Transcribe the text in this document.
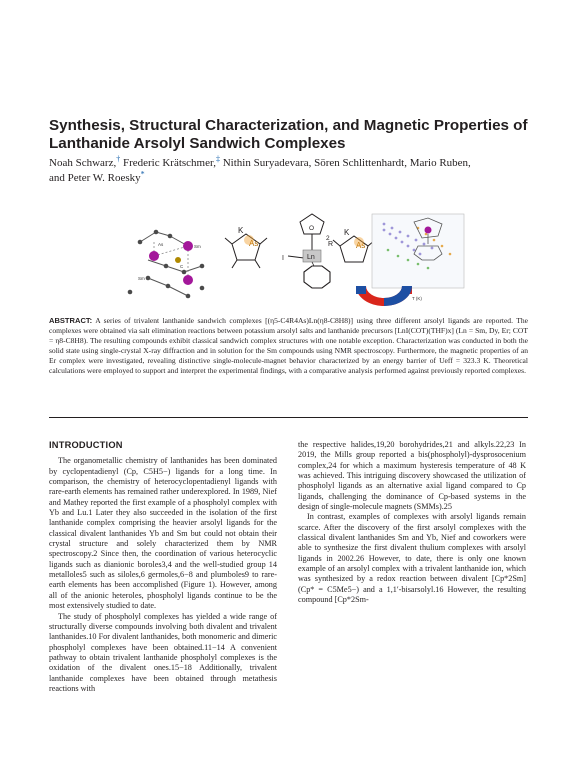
Synthesis, Structural Characterization, and Magnetic Properties of Lanthanide Arsolyl Sandwich Complexes
Noah Schwarz,† Frederic Krätschmer,‡ Nithin Suryadevara, Sören Schlittenhardt, Mario Ruben,
and Peter W. Roesky*
As	Sm
Sm
C
K
As
O
2
I	Ln
K
As
R
T (K)
ABSTRACT: A series of trivalent lanthanide sandwich complexes [(η5-C4R4As)Ln(η8-C8H8)] using three different arsolyl ligands are reported. The complexes were obtained via salt elimination reactions between potassium arsolyl salts and lanthanide precursors [LnI(COT)(THF)x] (Ln = Sm, Dy, Er; COT = η8-C8H8). The resulting compounds exhibit classical sandwich complex structures with one notable exception. Characterization was conducted in both the solid state using single-crystal X-ray diffraction and in solution for the Sm compounds using NMR spectroscopy. Furthermore, the magnetic properties of an Er complex were investigated, revealing distinctive single-molecule-magnet behavior characterized by an energy barrier of Ueff = 323.3 K. Theoretical calculations were employed to support and interpret the experimental findings, with a comparative analysis performed against previously reported complexes.

INTRODUCTION

The organometallic chemistry of lanthanides has been dominated by cyclopentadienyl (Cp, C5H5−) ligands for a long time. In comparison, the chemistry of heterocyclopentadienyl ligands with rare-earth elements has remained rather underexplored. In 1989, Nief and Mathey reported the first example of a phospholyl complex with Yb and Lu.1 Later they also succeeded in the isolation of the first lanthanide complex comprising the heavier arsolyl ligands for the classical divalent lanthanides Yb and Sm but could not obtain their crystal structure and solely characterized them by NMR spectroscopy.2 Since then, the coordination of various heterocyclic ligands such as dianionic boroles3,4 and the well-studied group 14 metalloles5 such as siloles,6 germoles,6−8 and plumboles9 to rare-earth elements has been accomplished (Figure 1). However, among all of the anionic heteroles, phospholyl ligands continue to be the most extensively studied to date.

The study of phospholyl complexes has yielded a wide range of structurally diverse compounds involving both divalent and trivalent lanthanides.10 For divalent lanthanides, both monomeric and dimeric phospholyl complexes have been obtained.11−14 A convenient pathway to obtain trivalent lanthanide phospholyl complexes is the oxidation of the divalent ones.15−18 Additionally, trivalent lanthanide complexes have been obtained through metathesis reactions with

the respective halides,19,20 borohydrides,21 and alkyls.22,23 In 2019, the Mills group reported a bis(phospholyl)-dysprosocenium complex,24 for which a maximum hysteresis temperature of 48 K was achieved. This intriguing discovery showcased the utilization of phospholyl ligands as an alternative axial ligand compared to Cp ligands, challenging the dominance of Cp-based systems in the design of single-molecule magnets (SMMs).25

In contrast, examples of complexes with arsolyl ligands remain scarce. After the discovery of the first arsolyl complexes with the classical divalent lanthanides Sm and Yb, Nief and coworkers were able to synthesize the first divalent thulium complexes with arsolyl ligands in 2002.26 However, to date, there is only one known example of an arsolyl complex with a trivalent lanthanide ion, which was synthesized by a redox reaction between divalent [Cp*2Sm] (Cp* = C5Me5−) and a 1,1′-bisarsolyl.16 However, the resulting compound [Cp*2Sm-
